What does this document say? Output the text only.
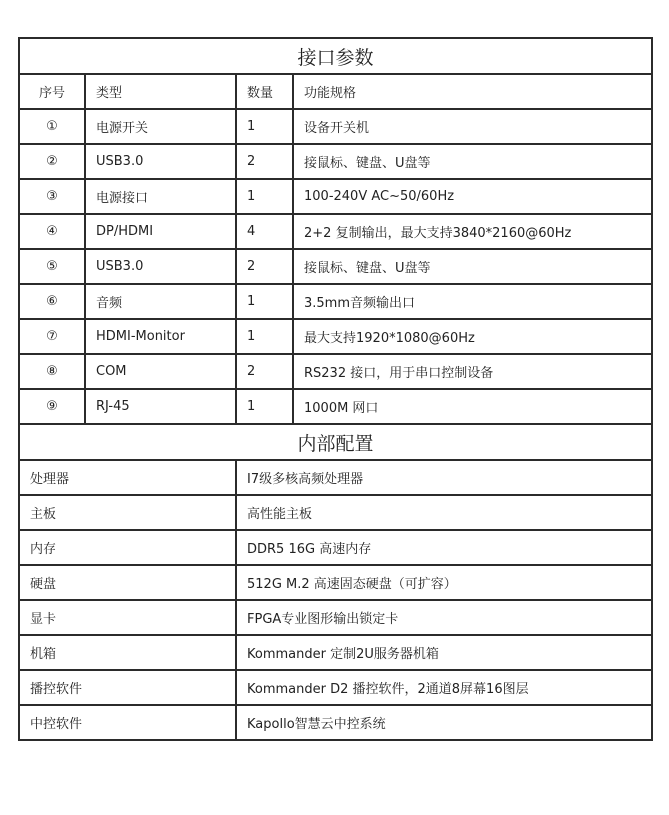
接口参数			
序号	类型	数量	功能规格
①	电源开关	1	设备开关机
②	USB3.0	2	接鼠标、键盘、U盘等
③	电源接口	1	100-240V AC~50/60Hz
④	DP/HDMI	4	2+2 复制输出，最大支持3840*2160@60Hz
⑤	USB3.0	2	接鼠标、键盘、U盘等
⑥	音频	1	3.5mm音频输出口
⑦	HDMI-Monitor	1	最大支持1920*1080@60Hz
⑧	COM	2	RS232 接口，用于串口控制设备
⑨	RJ-45	1	1000M 网口
内部配置	
处理器	I7级多核高频处理器
主板	高性能主板
内存	DDR5 16G 高速内存
硬盘	512G M.2 高速固态硬盘（可扩容）
显卡	FPGA专业图形输出锁定卡
机箱	Kommander 定制2U服务器机箱
播控软件	Kommander D2 播控软件，2通道8屏幕16图层
中控软件	Kapollo智慧云中控系统
